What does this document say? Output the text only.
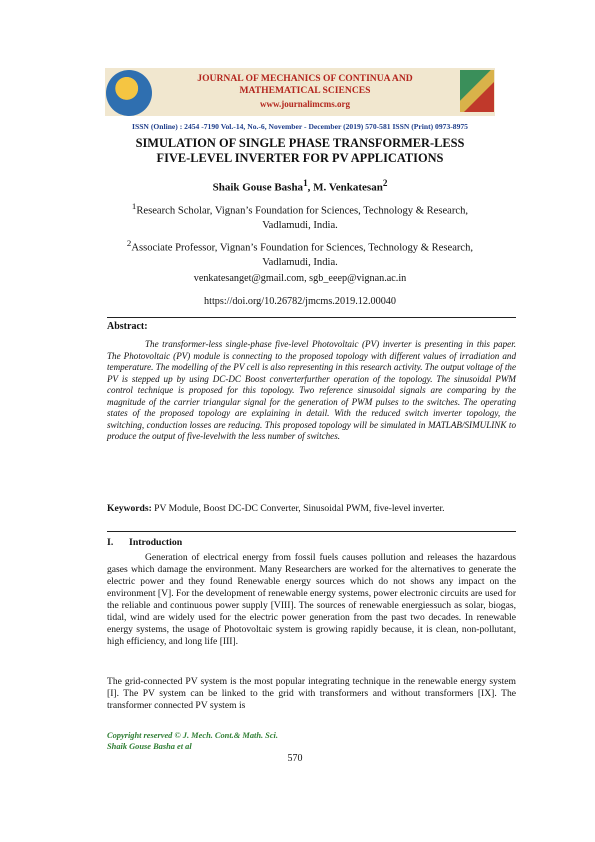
JOURNAL OF MECHANICS OF CONTINUA AND
MATHEMATICAL SCIENCES
www.journalimcms.org
ISSN (Online) : 2454 -7190 Vol.-14, No.-6, November - December (2019) 570-581 ISSN (Print) 0973-8975
SIMULATION OF SINGLE PHASE TRANSFORMER-LESS
FIVE-LEVEL INVERTER FOR PV APPLICATIONS
Shaik Gouse Basha$^1$, M. Venkatesan$^2$
$^1$Research Scholar, Vignan’s Foundation for Sciences, Technology & Research, Vadlamudi, India.
$^2$Associate Professor, Vignan’s Foundation for Sciences, Technology & Research, Vadlamudi, India.
venkatesanget@gmail.com, sgb_eeep@vignan.ac.in
https://doi.org/10.26782/jmcms.2019.12.00040
Abstract:
The transformer-less single-phase five-level Photovoltaic (PV) inverter is presenting in this paper. The Photovoltaic (PV) module is connecting to the proposed topology with different values of irradiation and temperature. The modelling of the PV cell is also representing in this research activity. The output voltage of the PV is stepped up by using DC-DC Boost converterfurther operation of the topology. The sinusoidal PWM control technique is proposed for this topology. Two reference sinusoidal signals are comparing by the magnitude of the carrier triangular signal for the generation of PWM pulses to the switches. The operating states of the proposed topology are explaining in detail. With the reduced switch inverter topology, the switching, conduction losses are reducing. This proposed topology will be simulated in MATLAB/SIMULINK to produce the output of five-levelwith the less number of switches.
Keywords: PV Module, Boost DC-DC Converter, Sinusoidal PWM, five-level inverter.
I. Introduction
Generation of electrical energy from fossil fuels causes pollution and releases the hazardous gases which damage the environment. Many Researchers are worked for the alternatives to generate the electric power and they found Renewable energy sources which do not shows any impact on the environment [V]. For the development of renewable energy systems, power electronic circuits are used for the reliable and continuous power supply [VIII]. The sources of renewable energiessuch as solar, biogas, tidal, wind are widely used for the electric power generation from the past two decades. In renewable energy systems, the usage of Photovoltaic system is growing rapidly because, it is clean, non-pollutant, high efficiency, and long life [III].
The grid-connected PV system is the most popular integrating technique in the renewable energy system [I]. The PV system can be linked to the grid with transformers and without transformers [IX]. The transformer connected PV system is
Copyright reserved © J. Mech. Cont.& Math. Sci.
Shaik Gouse Basha et al
570
